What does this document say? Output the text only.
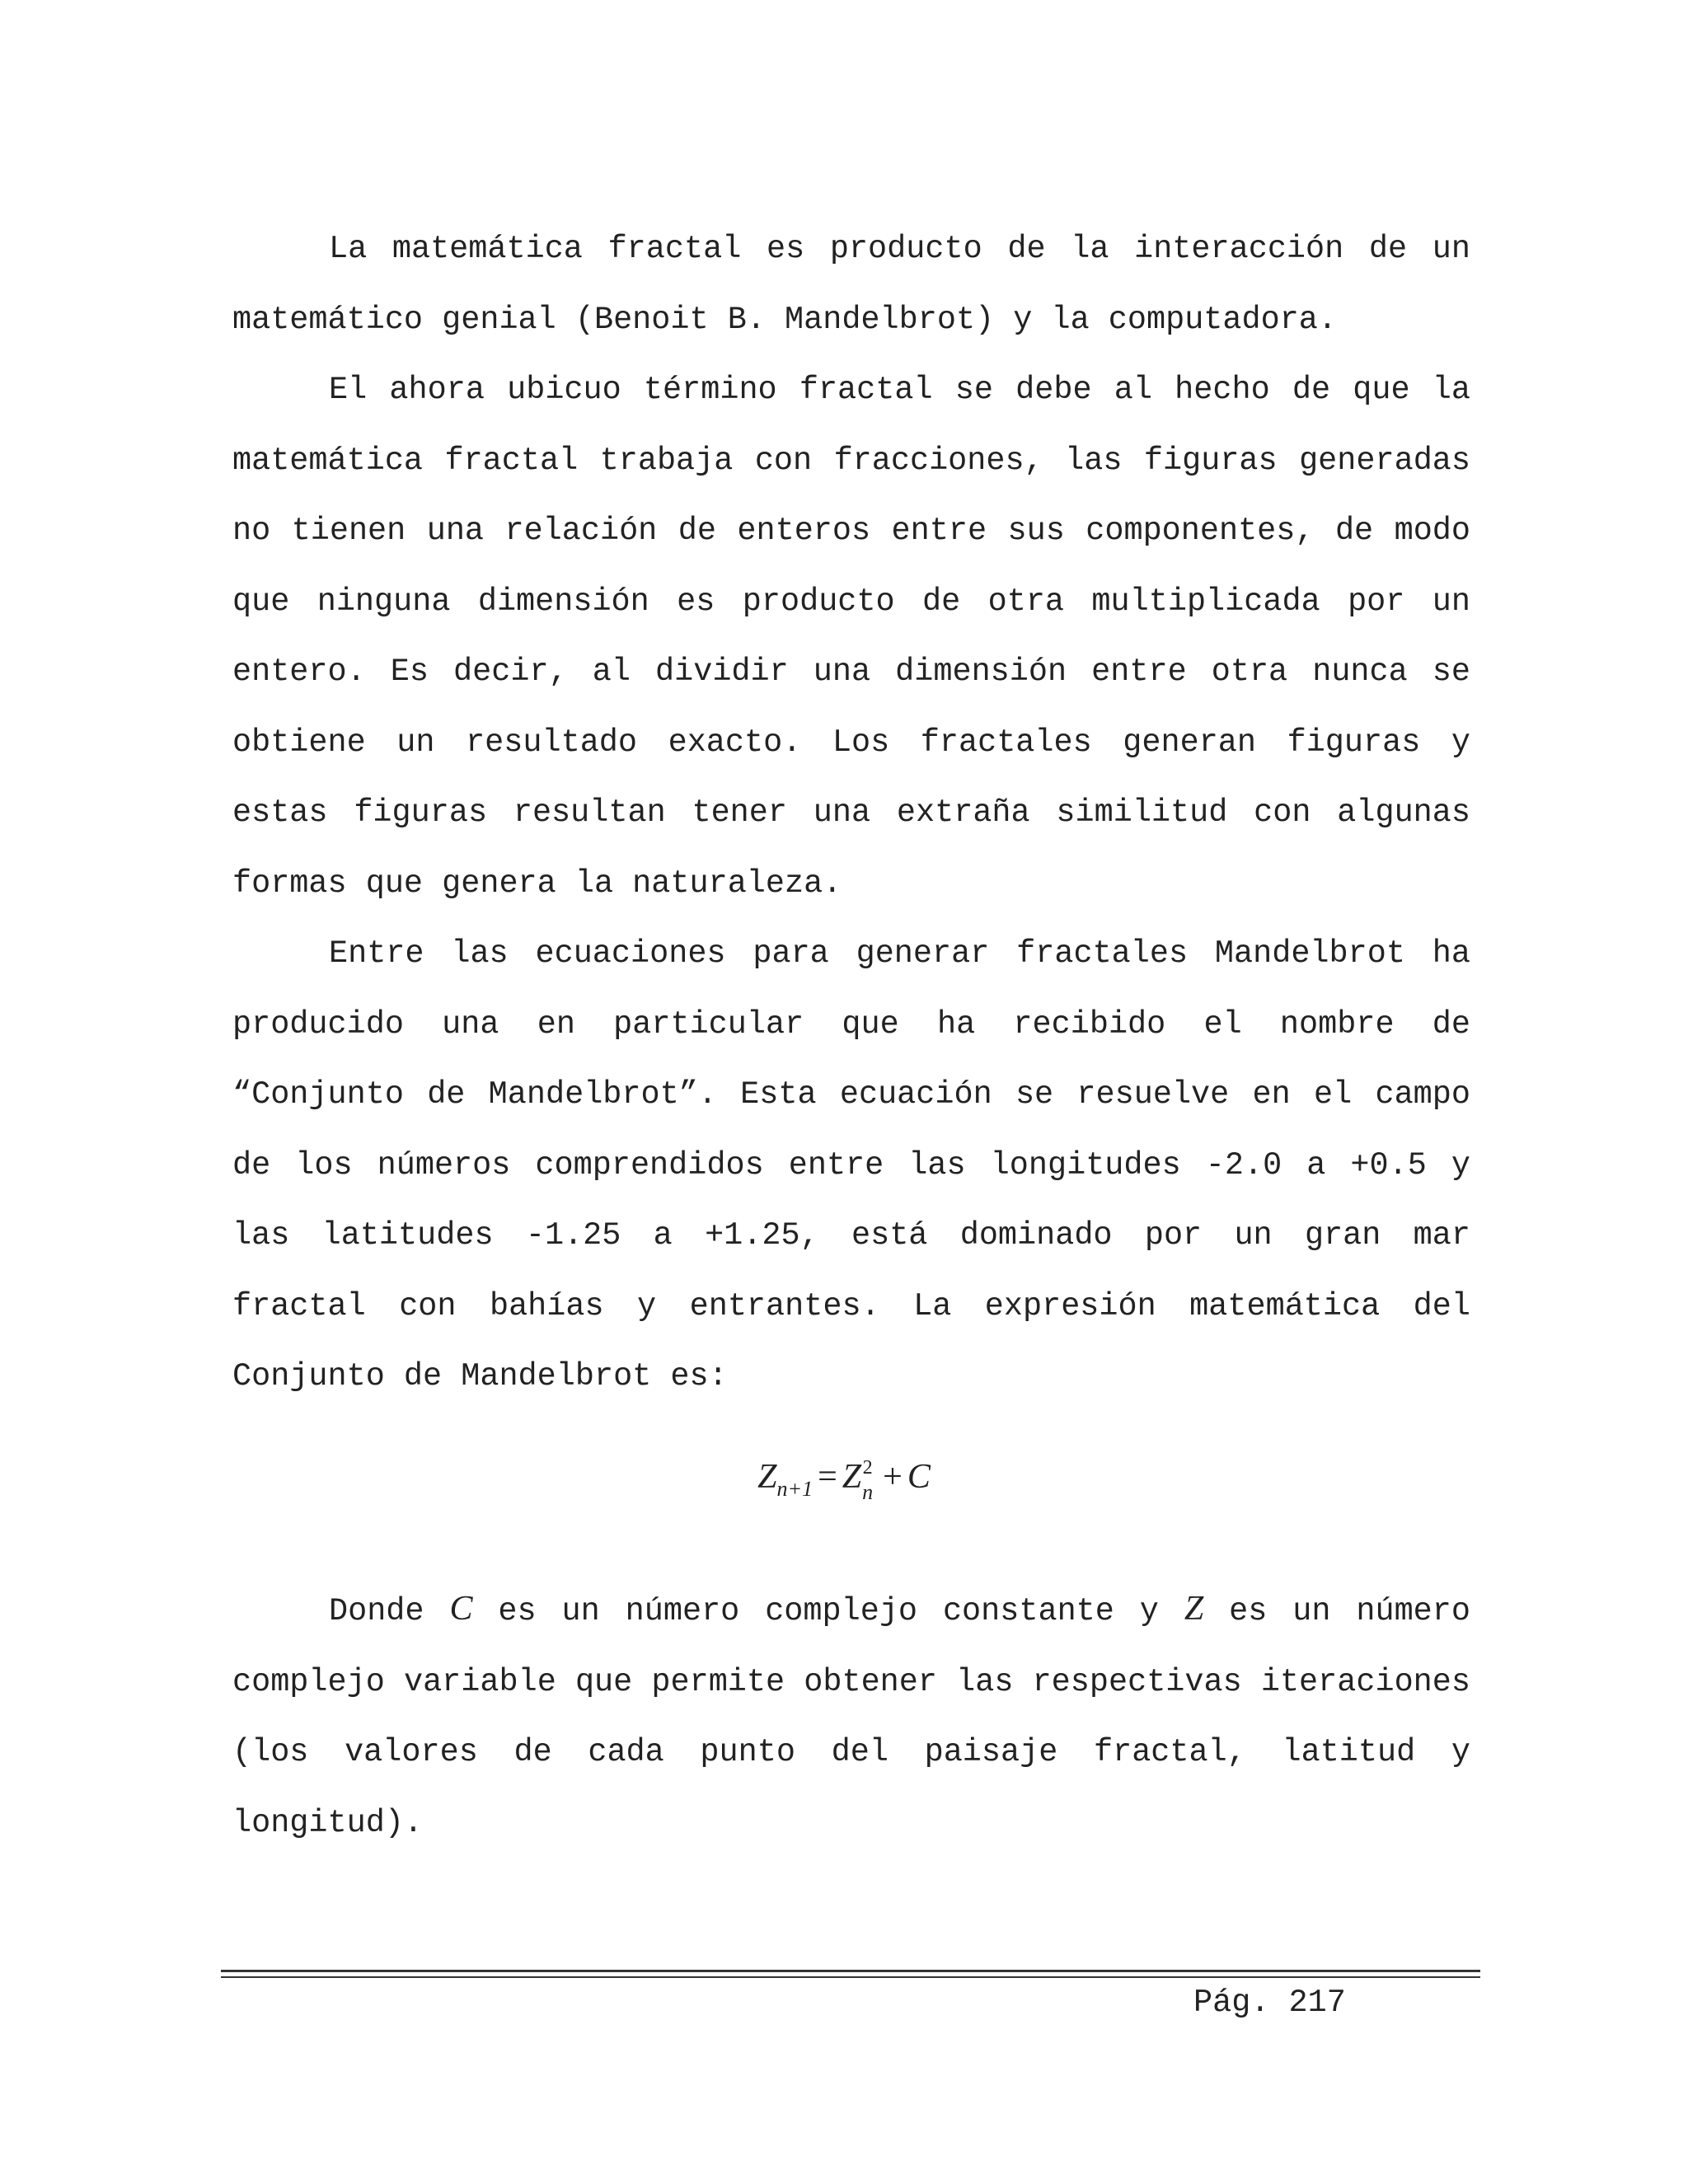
La matemática fractal es producto de la interacción de un matemático genial (Benoit B. Mandelbrot) y la computadora.

El ahora ubicuo término fractal se debe al hecho de que la matemática fractal trabaja con fracciones, las figuras generadas no tienen una relación de enteros entre sus componentes, de modo que ninguna dimensión es producto de otra multiplicada por un entero. Es decir, al dividir una dimensión entre otra nunca se obtiene un resultado exacto. Los fractales generan figuras y estas figuras resultan tener una extraña similitud con algunas formas que genera la naturaleza.

Entre las ecuaciones para generar fractales Mandelbrot ha producido una en particular que ha recibido el nombre de “Conjunto de Mandelbrot”. Esta ecuación se resuelve en el campo de los números comprendidos entre las longitudes -2.0 a +0.5 y las latitudes -1.25 a +1.25, está dominado por un gran mar fractal con bahías y entrantes. La expresión matemática del Conjunto de Mandelbrot es:

$Z_{n+1} = Z$ 2
n + C

Donde C es un número complejo constante y Z es un número complejo variable que permite obtener las respectivas iteraciones (los valores de cada punto del paisaje fractal, latitud y longitud).

Pág. 217
